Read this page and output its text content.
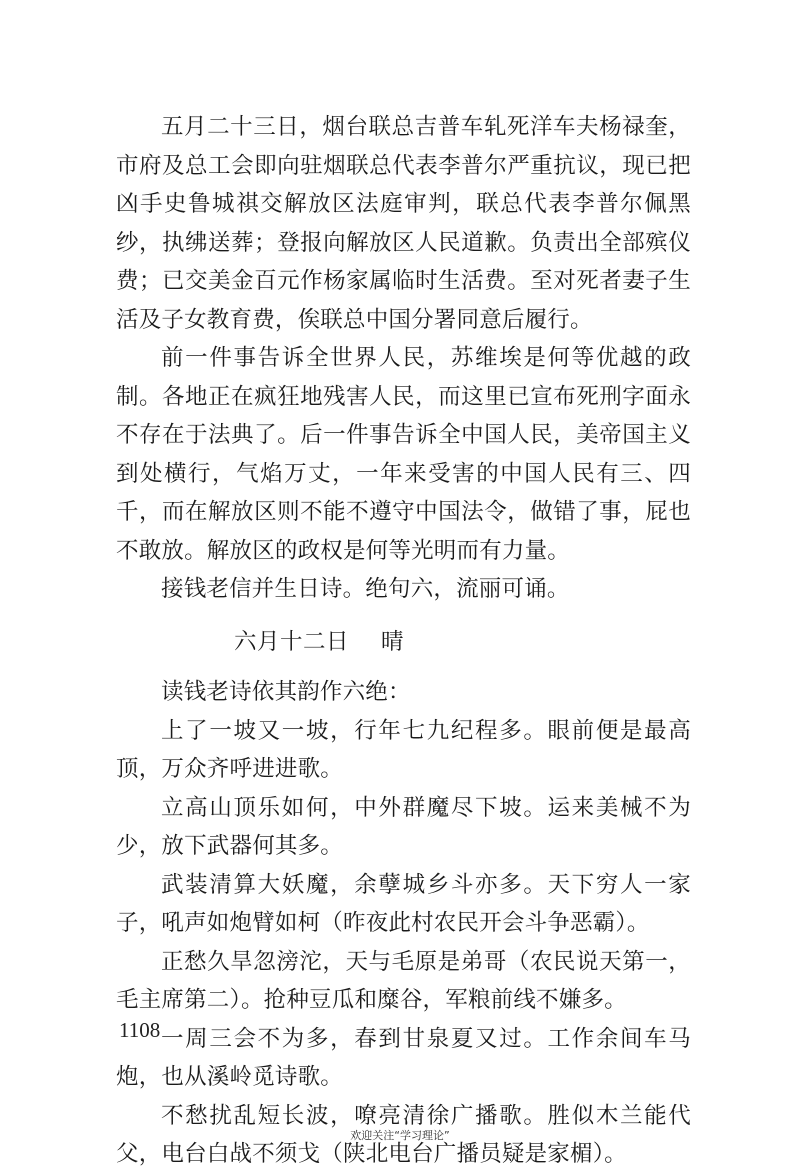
五月二十三日，烟台联总吉普车轧死洋车夫杨禄奎，市府及总工会即向驻烟联总代表李普尔严重抗议，现已把凶手史鲁城祺交解放区法庭审判，联总代表李普尔佩黑纱，执绋送葬；登报向解放区人民道歉。负责出全部殡仪费；已交美金百元作杨家属临时生活费。至对死者妻子生活及子女教育费，俟联总中国分署同意后履行。

前一件事告诉全世界人民，苏维埃是何等优越的政制。各地正在疯狂地残害人民，而这里已宣布死刑字面永不存在于法典了。后一件事告诉全中国人民，美帝国主义到处横行，气焰万丈，一年来受害的中国人民有三、四千，而在解放区则不能不遵守中国法令，做错了事，屁也不敢放。解放区的政权是何等光明而有力量。

接钱老信并生日诗。绝句六，流丽可诵。

六月十二日 晴

读钱老诗依其韵作六绝：

上了一坡又一坡，行年七九纪程多。眼前便是最高顶，万众齐呼进进歌。

立高山顶乐如何，中外群魔尽下坡。运来美械不为少，放下武器何其多。

武装清算大妖魔，余孽城乡斗亦多。天下穷人一家子，吼声如炮臂如柯（昨夜此村农民开会斗争恶霸）。

正愁久旱忽滂沱，天与毛原是弟哥（农民说天第一，毛主席第二）。抢种豆瓜和糜谷，军粮前线不嫌多。

一周三会不为多，春到甘泉夏又过。工作余间车马炮，也从溪岭觅诗歌。

不愁扰乱短长波，嘹亮清徐广播歌。胜似木兰能代父，电台白战不须戈（陕北电台广播员疑是家楣）。

1108
欢迎关注“学习理论”
